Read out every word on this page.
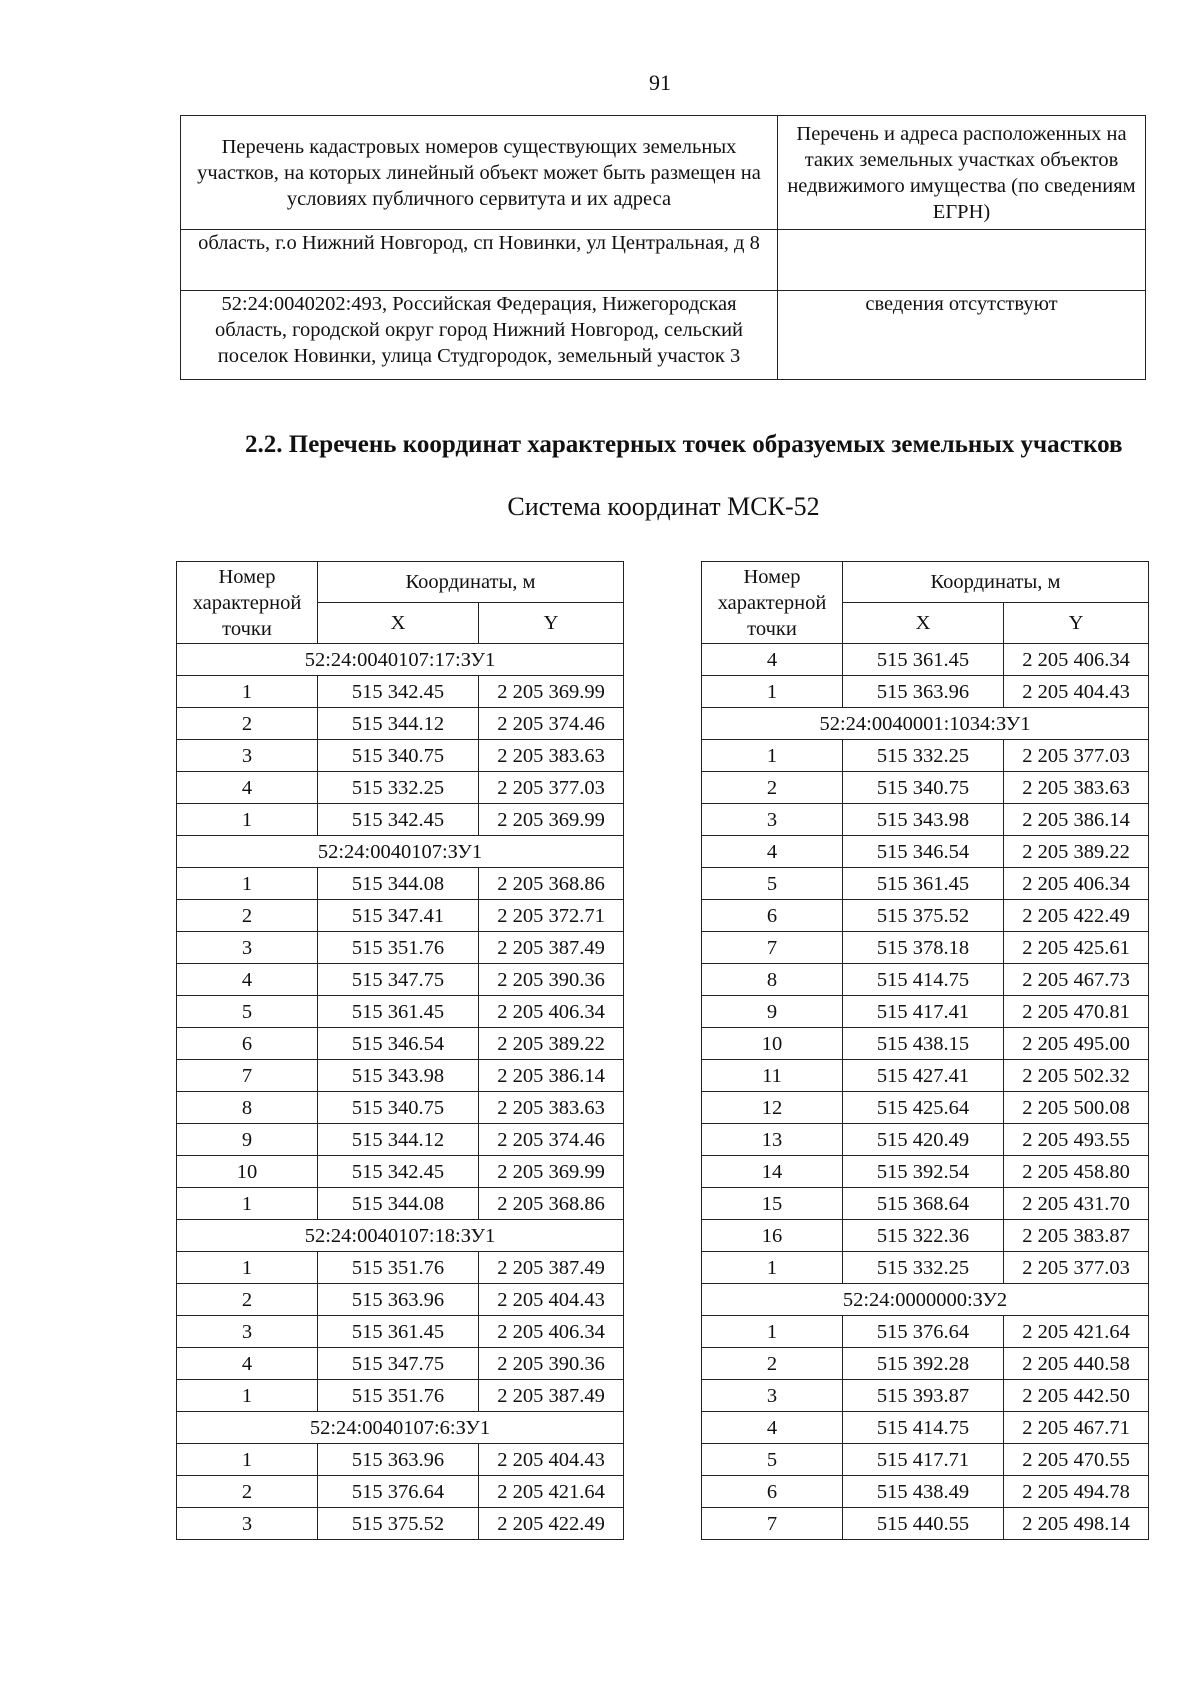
91
Перечень кадастровых номеров существующих земельных участков, на которых линейный объект может быть размещен на условиях публичного сервитута и их адреса	Перечень и адреса расположенных на таких земельных участках объектов недвижимого имущества (по сведениям ЕГРН)
область, г.о Нижний Новгород, сп Новинки, ул Центральная, д 8	
52:24:0040202:493, Российская Федерация, Нижегородская область, городской округ город Нижний Новгород, сельский поселок Новинки, улица Студгородок, земельный участок 3	сведения отсутствуют
2.2. Перечень координат характерных точек образуемых земельных участков
Система координат МСК-52
Номер характерной точки	Координаты, м	
	X	Y
52:24:0040107:17:ЗУ1		
1	515 342.45	2 205 369.99
2	515 344.12	2 205 374.46
3	515 340.75	2 205 383.63
4	515 332.25	2 205 377.03
1	515 342.45	2 205 369.99
52:24:0040107:ЗУ1		
1	515 344.08	2 205 368.86
2	515 347.41	2 205 372.71
3	515 351.76	2 205 387.49
4	515 347.75	2 205 390.36
5	515 361.45	2 205 406.34
6	515 346.54	2 205 389.22
7	515 343.98	2 205 386.14
8	515 340.75	2 205 383.63
9	515 344.12	2 205 374.46
10	515 342.45	2 205 369.99
1	515 344.08	2 205 368.86
52:24:0040107:18:ЗУ1		
1	515 351.76	2 205 387.49
2	515 363.96	2 205 404.43
3	515 361.45	2 205 406.34
4	515 347.75	2 205 390.36
1	515 351.76	2 205 387.49
52:24:0040107:6:ЗУ1		
1	515 363.96	2 205 404.43
2	515 376.64	2 205 421.64
3	515 375.52	2 205 422.49
Номер характерной точки	Координаты, м	
	X	Y
4	515 361.45	2 205 406.34
1	515 363.96	2 205 404.43
52:24:0040001:1034:ЗУ1		
1	515 332.25	2 205 377.03
2	515 340.75	2 205 383.63
3	515 343.98	2 205 386.14
4	515 346.54	2 205 389.22
5	515 361.45	2 205 406.34
6	515 375.52	2 205 422.49
7	515 378.18	2 205 425.61
8	515 414.75	2 205 467.73
9	515 417.41	2 205 470.81
10	515 438.15	2 205 495.00
11	515 427.41	2 205 502.32
12	515 425.64	2 205 500.08
13	515 420.49	2 205 493.55
14	515 392.54	2 205 458.80
15	515 368.64	2 205 431.70
16	515 322.36	2 205 383.87
1	515 332.25	2 205 377.03
52:24:0000000:ЗУ2		
1	515 376.64	2 205 421.64
2	515 392.28	2 205 440.58
3	515 393.87	2 205 442.50
4	515 414.75	2 205 467.71
5	515 417.71	2 205 470.55
6	515 438.49	2 205 494.78
7	515 440.55	2 205 498.14
